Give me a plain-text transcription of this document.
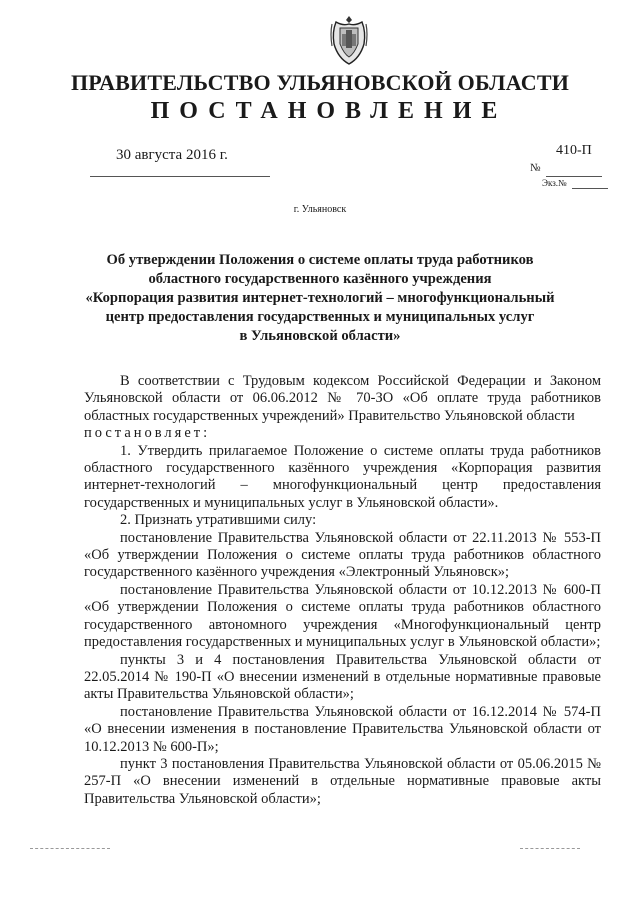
ПРАВИТЕЛЬСТВО УЛЬЯНОВСКОЙ ОБЛАСТИ
ПОСТАНОВЛЕНИЕ
30 августа 2016 г.	410-П
№
Экз.№
г. Ульяновск
Об утверждении Положения о системе оплаты труда работников
областного государственного казённого учреждения
«Корпорация развития интернет-технологий – многофункциональный
центр предоставления государственных и муниципальных услуг
в Ульяновской области»

В соответствии с Трудовым кодексом Российской Федерации и Законом Ульяновской области от 06.06.2012 № 70-ЗО «Об оплате труда работников областных государственных учреждений» Правительство Ульяновской области

постановляет:

1. Утвердить прилагаемое Положение о системе оплаты труда работников областного государственного казённого учреждения «Корпорация развития интернет-технологий – многофункциональный центр предоставления государственных и муниципальных услуг в Ульяновской области».

2. Признать утратившими силу:

постановление Правительства Ульяновской области от 22.11.2013 № 553-П «Об утверждении Положения о системе оплаты труда работников областного государственного казённого учреждения «Электронный Ульяновск»;

постановление Правительства Ульяновской области от 10.12.2013 № 600-П «Об утверждении Положения о системе оплаты труда работников областного государственного автономного учреждения «Многофункциональный центр предоставления государственных и муниципальных услуг в Ульяновской области»;

пункты 3 и 4 постановления Правительства Ульяновской области от 22.05.2014 № 190-П «О внесении изменений в отдельные нормативные правовые акты Правительства Ульяновской области»;

постановление Правительства Ульяновской области от 16.12.2014 № 574-П «О внесении изменения в постановление Правительства Ульяновской области от 10.12.2013 № 600-П»;

пункт 3 постановления Правительства Ульяновской области от 05.06.2015 № 257-П «О внесении изменений в отдельные нормативные правовые акты Правительства Ульяновской области»;
